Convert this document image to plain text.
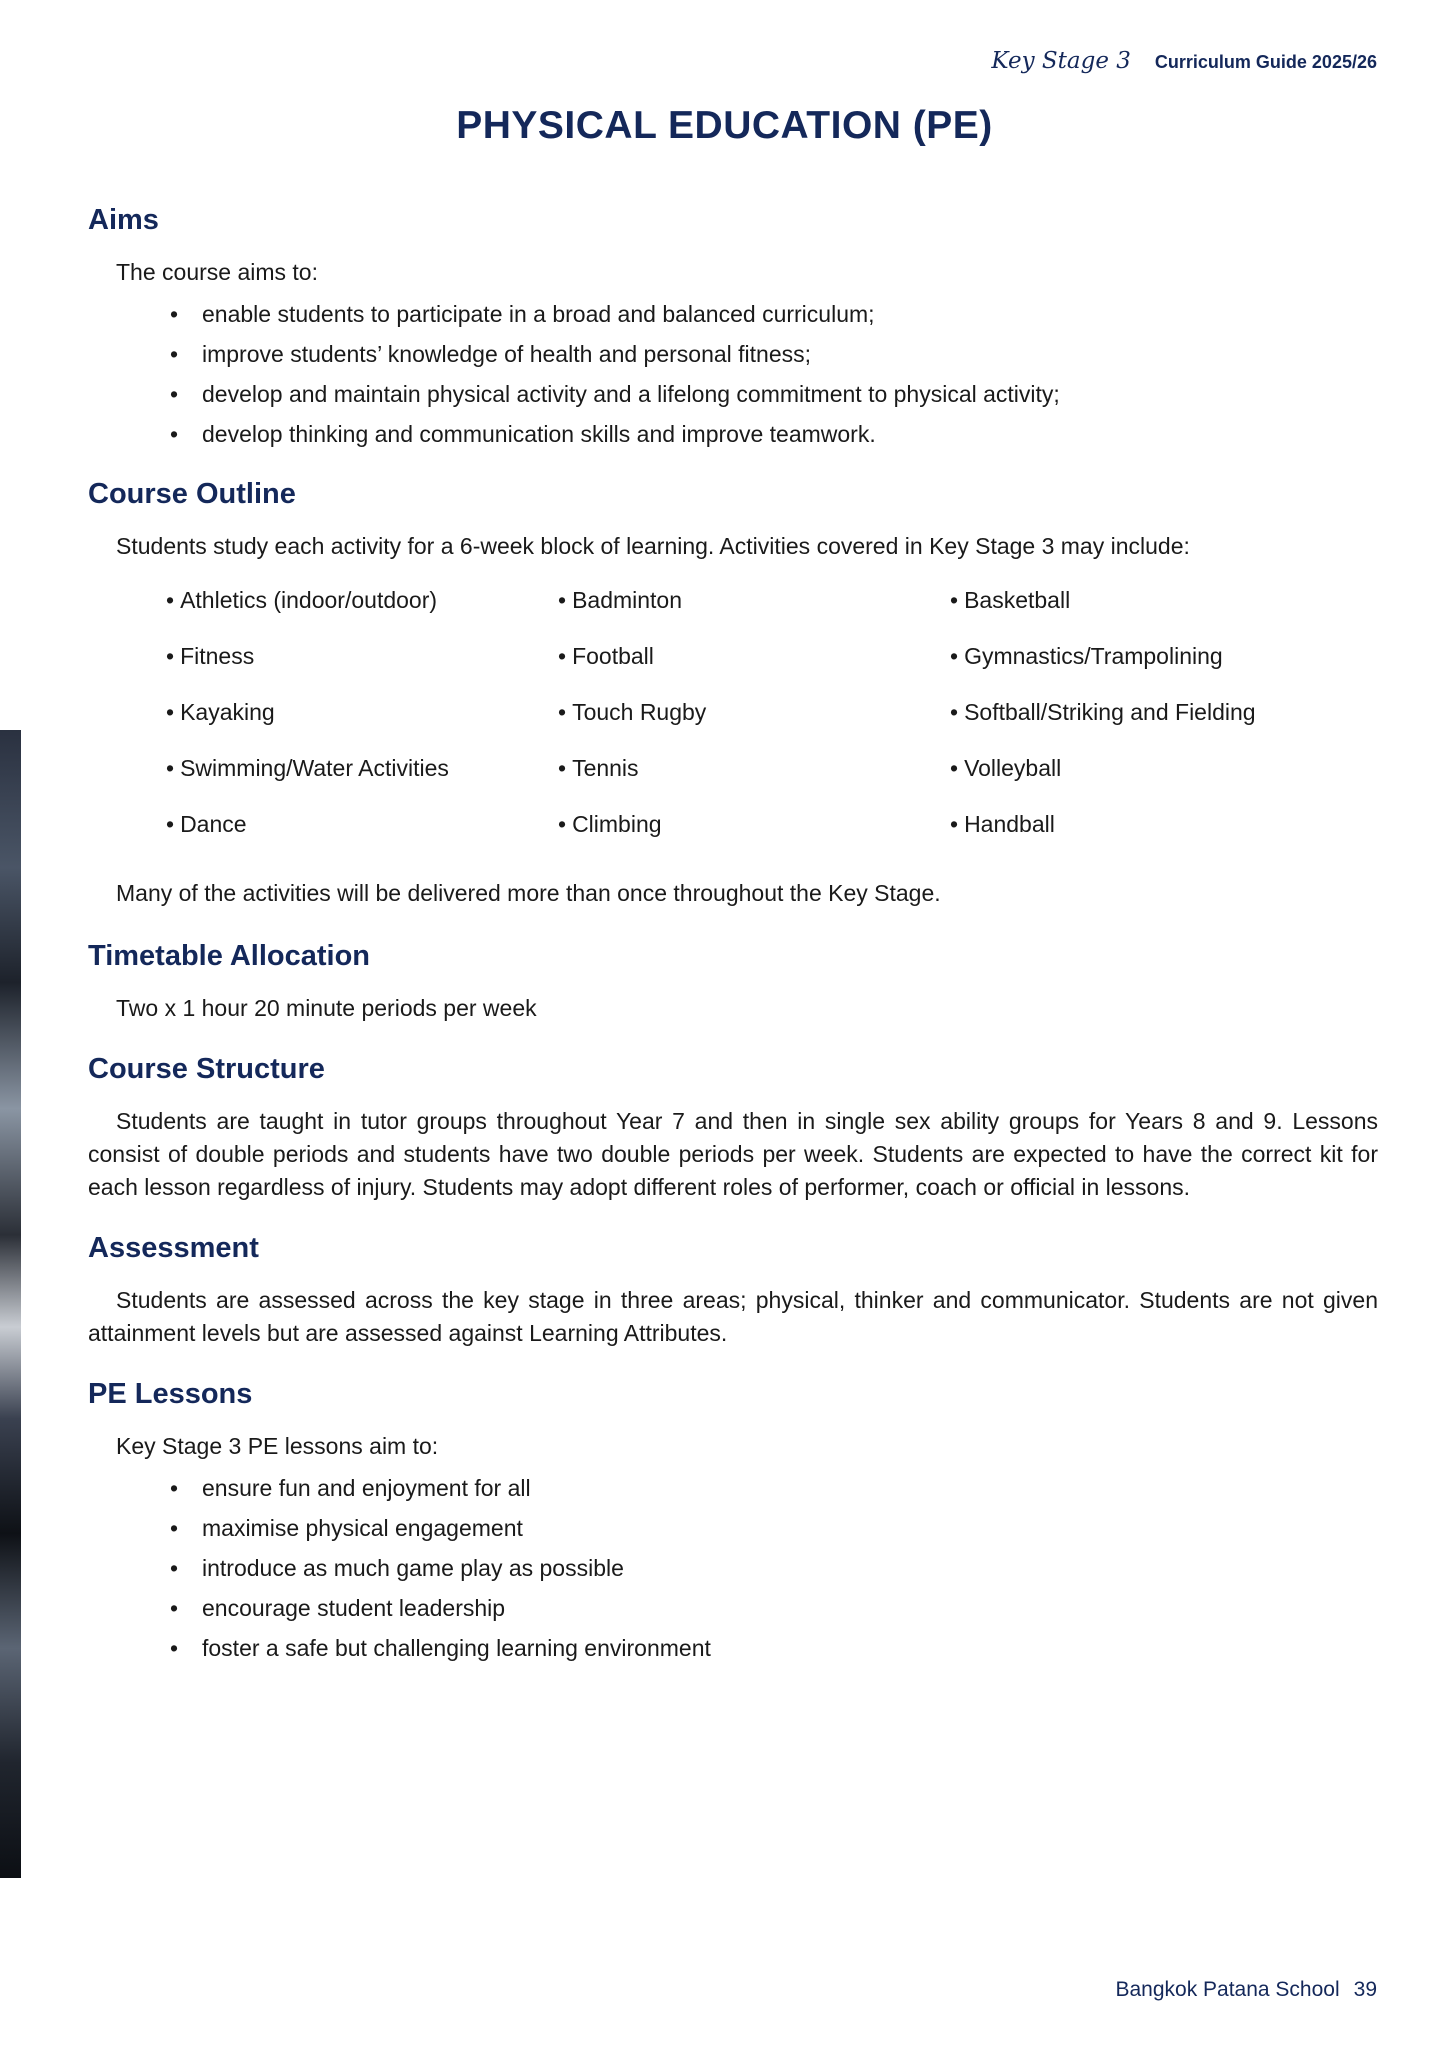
Key Stage 3 Curriculum Guide 2025/26
PHYSICAL EDUCATION (PE)
Aims

The course aims to:

• enable students to participate in a broad and balanced curriculum;
• improve students’ knowledge of health and personal fitness;
• develop and maintain physical activity and a lifelong commitment to physical activity;
• develop thinking and communication skills and improve teamwork.
Course Outline

Students study each activity for a 6-week block of learning. Activities covered in Key Stage 3 may include:

• Athletics (indoor/outdoor)	• Badminton	• Basketball
• Fitness	• Football	• Gymnastics/Trampolining
• Kayaking	• Touch Rugby	• Softball/Striking and Fielding
• Swimming/Water Activities	• Tennis	• Volleyball
• Dance	• Climbing	• Handball

Many of the activities will be delivered more than once throughout the Key Stage.

Timetable Allocation

Two x 1 hour 20 minute periods per week

Course Structure

Students are taught in tutor groups throughout Year 7 and then in single sex ability groups for Years 8 and 9. Lessons consist of double periods and students have two double periods per week. Students are expected to have the correct kit for each lesson regardless of injury. Students may adopt different roles of performer, coach or official in lessons.

Assessment

Students are assessed across the key stage in three areas; physical, thinker and communicator. Students are not given attainment levels but are assessed against Learning Attributes.

PE Lessons

Key Stage 3 PE lessons aim to:

• ensure fun and enjoyment for all
• maximise physical engagement
• introduce as much game play as possible
• encourage student leadership
• foster a safe but challenging learning environment
Bangkok Patana School 39
